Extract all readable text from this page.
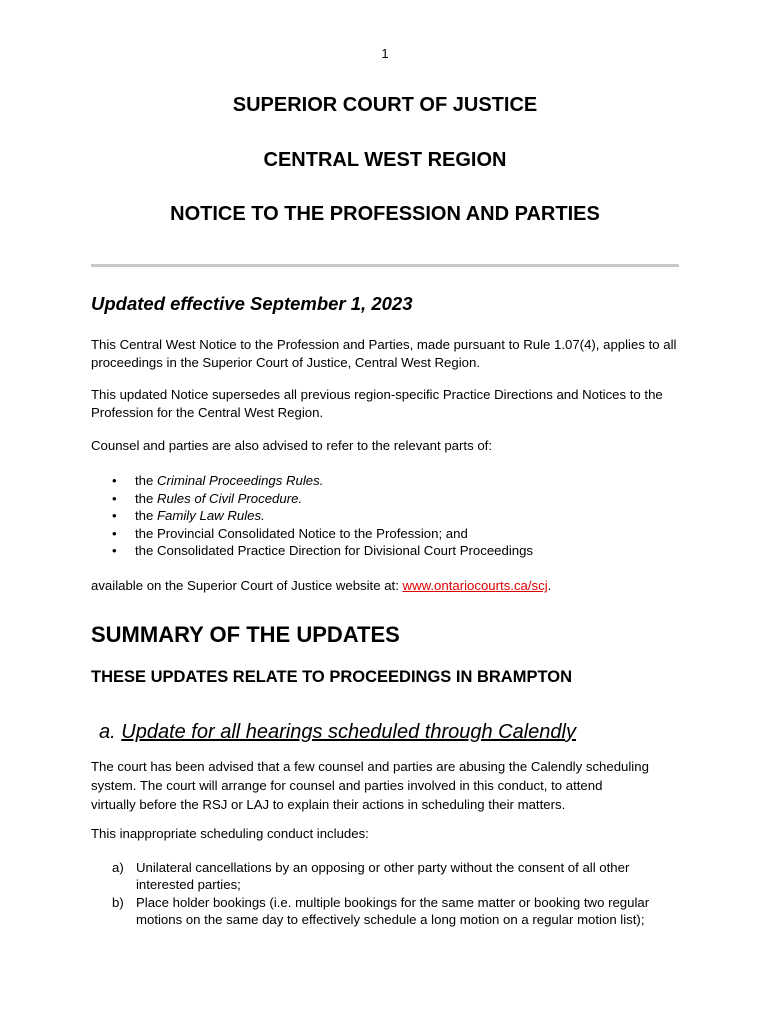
1
SUPERIOR COURT OF JUSTICE
CENTRAL WEST REGION
NOTICE TO THE PROFESSION AND PARTIES
Updated effective September 1, 2023
This Central West Notice to the Profession and Parties, made pursuant to Rule 1.07(4), applies to all proceedings in the Superior Court of Justice, Central West Region.
This updated Notice supersedes all previous region-specific Practice Directions and Notices to the Profession for the Central West Region.
Counsel and parties are also advised to refer to the relevant parts of:
• the Criminal Proceedings Rules.
• the Rules of Civil Procedure.
• the Family Law Rules.
• the Provincial Consolidated Notice to the Profession; and
• the Consolidated Practice Direction for Divisional Court Proceedings
available on the Superior Court of Justice website at: www.ontariocourts.ca/scj.
SUMMARY OF THE UPDATES
THESE UPDATES RELATE TO PROCEEDINGS IN BRAMPTON
a. Update for all hearings scheduled through Calendly
The court has been advised that a few counsel and parties are abusing the Calendly scheduling
system. The court will arrange for counsel and parties involved in this conduct, to attend
virtually before the RSJ or LAJ to explain their actions in scheduling their matters.
This inappropriate scheduling conduct includes:
a) Unilateral cancellations by an opposing or other party without the consent of all other interested parties;
b) Place holder bookings (i.e. multiple bookings for the same matter or booking two regular motions on the same day to effectively schedule a long motion on a regular motion list);
